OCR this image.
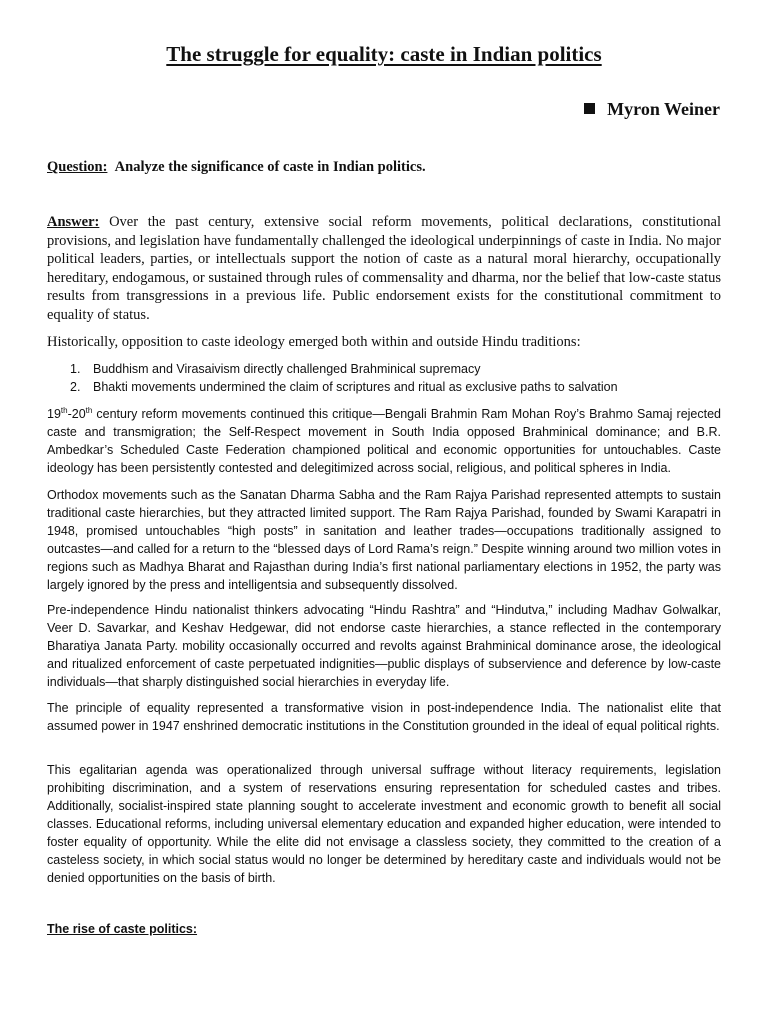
The struggle for equality: caste in Indian politics
Myron Weiner
Question: Analyze the significance of caste in Indian politics.
Answer: Over the past century, extensive social reform movements, political declarations, constitutional provisions, and legislation have fundamentally challenged the ideological underpinnings of caste in India. No major political leaders, parties, or intellectuals support the notion of caste as a natural moral hierarchy, occupationally hereditary, endogamous, or sustained through rules of commensality and dharma, nor the belief that low-caste status results from transgressions in a previous life. Public endorsement exists for the constitutional commitment to equality of status.
Historically, opposition to caste ideology emerged both within and outside Hindu traditions:
1. Buddhism and Virasaivism directly challenged Brahminical supremacy
2. Bhakti movements undermined the claim of scriptures and ritual as exclusive paths to salvation
19th-20th century reform movements continued this critique—Bengali Brahmin Ram Mohan Roy’s Brahmo Samaj rejected caste and transmigration; the Self-Respect movement in South India opposed Brahminical dominance; and B.R. Ambedkar’s Scheduled Caste Federation championed political and economic opportunities for untouchables. Caste ideology has been persistently contested and delegitimized across social, religious, and political spheres in India.
Orthodox movements such as the Sanatan Dharma Sabha and the Ram Rajya Parishad represented attempts to sustain traditional caste hierarchies, but they attracted limited support. The Ram Rajya Parishad, founded by Swami Karapatri in 1948, promised untouchables “high posts” in sanitation and leather trades—occupations traditionally assigned to outcastes—and called for a return to the “blessed days of Lord Rama’s reign.” Despite winning around two million votes in regions such as Madhya Bharat and Rajasthan during India’s first national parliamentary elections in 1952, the party was largely ignored by the press and intelligentsia and subsequently dissolved.
Pre-independence Hindu nationalist thinkers advocating “Hindu Rashtra” and “Hindutva,” including Madhav Golwalkar, Veer D. Savarkar, and Keshav Hedgewar, did not endorse caste hierarchies, a stance reflected in the contemporary Bharatiya Janata Party. mobility occasionally occurred and revolts against Brahminical dominance arose, the ideological and ritualized enforcement of caste perpetuated indignities—public displays of subservience and deference by low-caste individuals—that sharply distinguished social hierarchies in everyday life.
The principle of equality represented a transformative vision in post-independence India. The nationalist elite that assumed power in 1947 enshrined democratic institutions in the Constitution grounded in the ideal of equal political rights.
This egalitarian agenda was operationalized through universal suffrage without literacy requirements, legislation prohibiting discrimination, and a system of reservations ensuring representation for scheduled castes and tribes. Additionally, socialist-inspired state planning sought to accelerate investment and economic growth to benefit all social classes. Educational reforms, including universal elementary education and expanded higher education, were intended to foster equality of opportunity. While the elite did not envisage a classless society, they committed to the creation of a casteless society, in which social status would no longer be determined by hereditary caste and individuals would not be denied opportunities on the basis of birth.
The rise of caste politics:
